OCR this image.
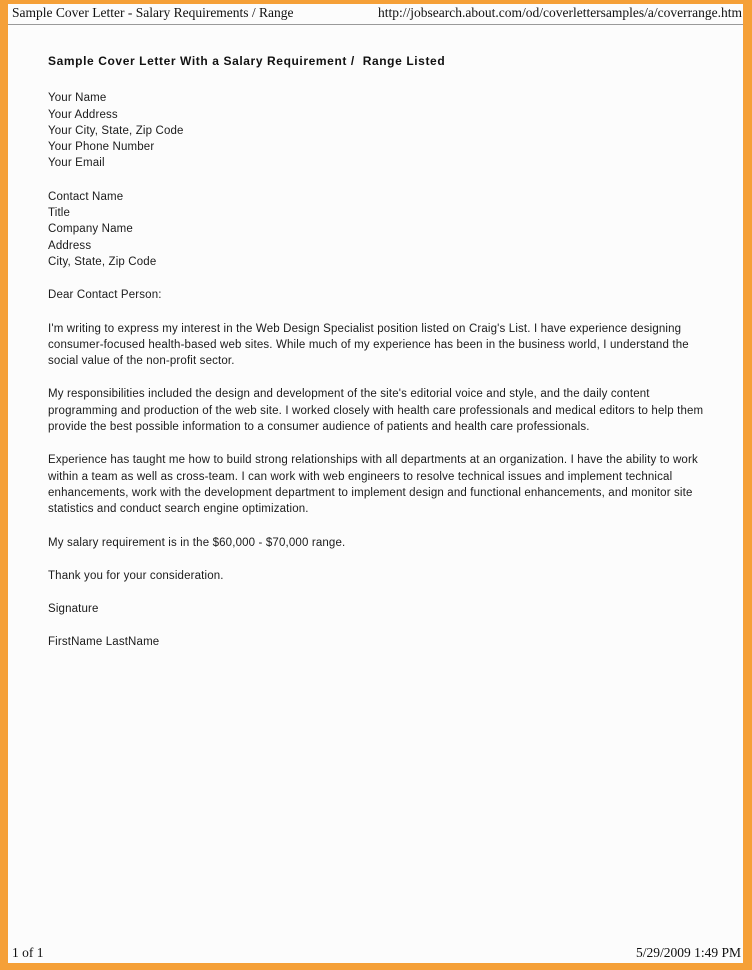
Sample Cover Letter - Salary Requirements / Range	http://jobsearch.about.com/od/coverlettersamples/a/coverrange.htm
Sample Cover Letter With a Salary Requirement /  Range Listed
Your Name
Your Address
Your City, State, Zip Code
Your Phone Number
Your Email
Contact Name
Title
Company Name
Address
City, State, Zip Code
Dear Contact Person:

I'm writing to express my interest in the Web Design Specialist position listed on Craig's List. I have experience designing consumer-focused health-based web sites. While much of my experience has been in the business world, I understand the social value of the non-profit sector.

My responsibilities included the design and development of the site's editorial voice and style, and the daily content programming and production of the web site. I worked closely with health care professionals and medical editors to help them provide the best possible information to a consumer audience of patients and health care professionals.

Experience has taught me how to build strong relationships with all departments at an organization. I have the ability to work within a team as well as cross-team. I can work with web engineers to resolve technical issues and implement technical enhancements, work with the development department to implement design and functional enhancements, and monitor site statistics and conduct search engine optimization.

My salary requirement is in the $60,000 - $70,000 range.

Thank you for your consideration.

Signature
FirstName LastName
1 of 1	5/29/2009 1:49 PM
